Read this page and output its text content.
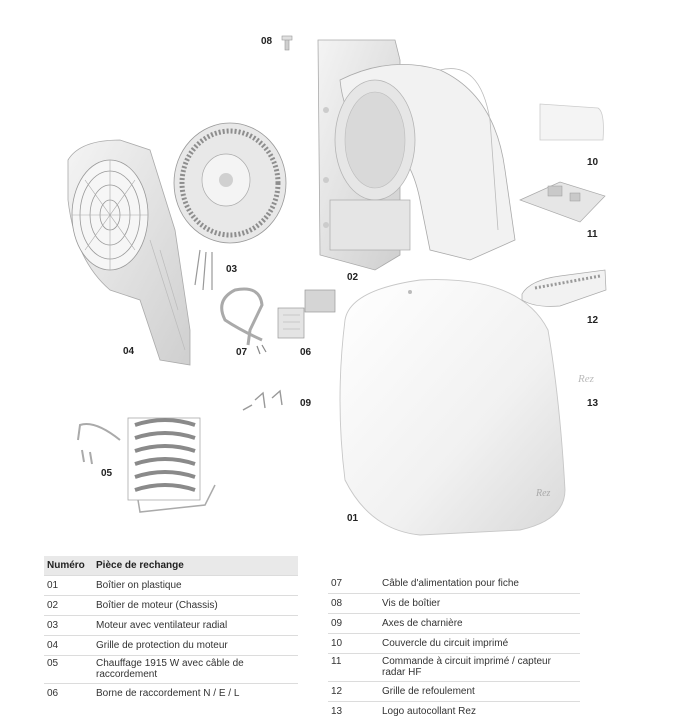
Rez
Rez
08
02
03
04	07	06
09
05
01
10
11
12
13
Numéro	Pièce de rechange
01	Boîtier on plastique
02	Boîtier de moteur (Chassis)
03	Moteur avec ventilateur radial
04	Grille de protection du moteur
05	Chauffage 1915 W avec câble de raccordement
06	Borne de raccordement N / E / L
07	Câble d'alimentation pour fiche
08	Vis de boîtier
09	Axes de charnière
10	Couvercle du circuit imprimé
11	Commande à circuit imprimé / capteur radar HF
12	Grille de refoulement
13	Logo autocollant Rez
